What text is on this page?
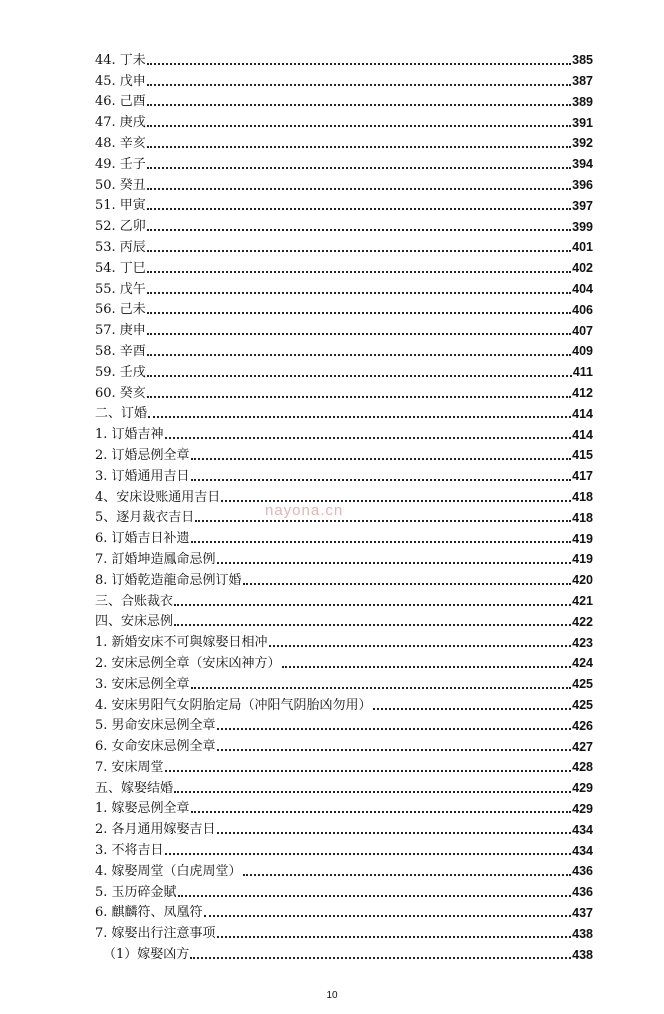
44. 丁未	385
45. 戊申	387
46. 己酉	389
47. 庚戌	391
48. 辛亥	392
49. 壬子	394
50. 癸丑	396
51. 甲寅	397
52. 乙卯	399
53. 丙辰	401
54. 丁巳	402
55. 戊午	404
56. 己未	406
57. 庚申	407
58. 辛酉	409
59. 壬戌	411
60. 癸亥	412
二、订婚	414
1. 订婚吉神	414
2. 订婚忌例全章	415
3. 订婚通用吉日	417
4、安床设账通用吉日	418
5、逐月裁衣吉日	418
6. 订婚吉日补遗	419
7. 訂婚坤造鳳命忌例	419
8. 订婚乾造龍命忌例订婚	420
三、合账裁衣	421
四、安床忌例	422
1. 新婚安床不可與嫁娶日相冲	423
2. 安床忌例全章（安床凶神方）	424
3. 安床忌例全章	425
4. 安床男阳气女阴胎定局（冲阳气阴胎凶勿用）	425
5. 男命安床忌例全章	426
6. 女命安床忌例全章	427
7. 安床周堂	428
五、嫁娶结婚	429
1. 嫁娶忌例全章	429
2. 各月通用嫁娶吉日	434
3. 不将吉日	434
4. 嫁娶周堂（白虎周堂）	436
5. 玉历碎金賦	436
6. 麒麟符、凤凰符	437
7. 嫁娶出行注意事项	438
（1）嫁娶凶方	438
nayona.cn
10
